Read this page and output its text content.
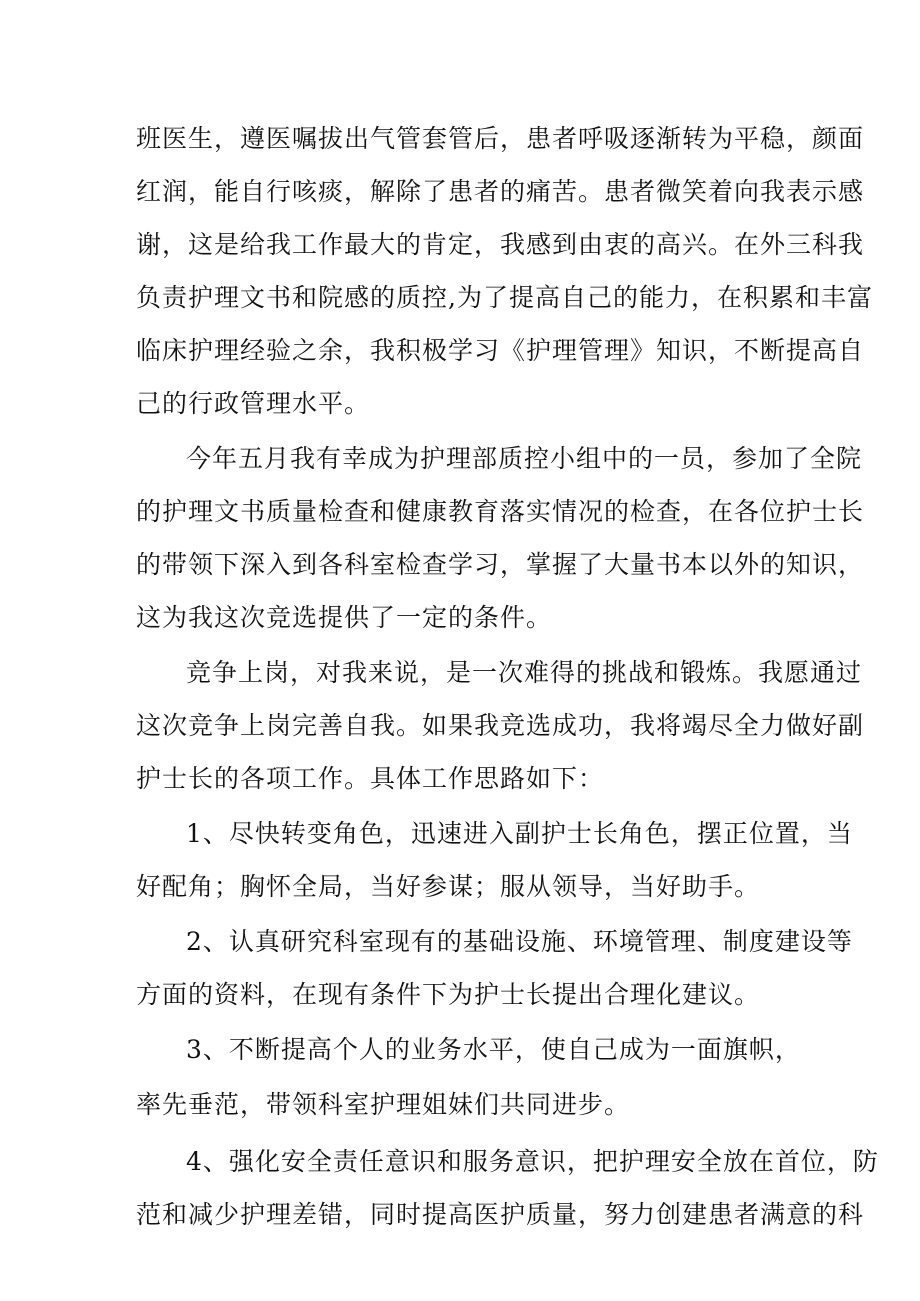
班医生，遵医嘱拔出气管套管后，患者呼吸逐渐转为平稳，颜面
红润，能自行咳痰，解除了患者的痛苦。患者微笑着向我表示感
谢，这是给我工作最大的肯定，我感到由衷的高兴。在外三科我
负责护理文书和院感的质控,为了提高自己的能力，在积累和丰富
临床护理经验之余，我积极学习《护理管理》知识，不断提高自
己的行政管理水平。
今年五月我有幸成为护理部质控小组中的一员，参加了全院
的护理文书质量检查和健康教育落实情况的检查，在各位护士长
的带领下深入到各科室检查学习，掌握了大量书本以外的知识，
这为我这次竞选提供了一定的条件。
竞争上岗，对我来说，是一次难得的挑战和锻炼。我愿通过
这次竞争上岗完善自我。如果我竞选成功，我将竭尽全力做好副
护士长的各项工作。具体工作思路如下：
1、尽快转变角色，迅速进入副护士长角色，摆正位置，当
好配角；胸怀全局，当好参谋；服从领导，当好助手。
2、认真研究科室现有的基础设施、环境管理、制度建设等
方面的资料，在现有条件下为护士长提出合理化建议。
3、不断提高个人的业务水平，使自己成为一面旗帜，
率先垂范，带领科室护理姐妹们共同进步。
4、强化安全责任意识和服务意识，把护理安全放在首位，防
范和减少护理差错，同时提高医护质量，努力创建患者满意的科
